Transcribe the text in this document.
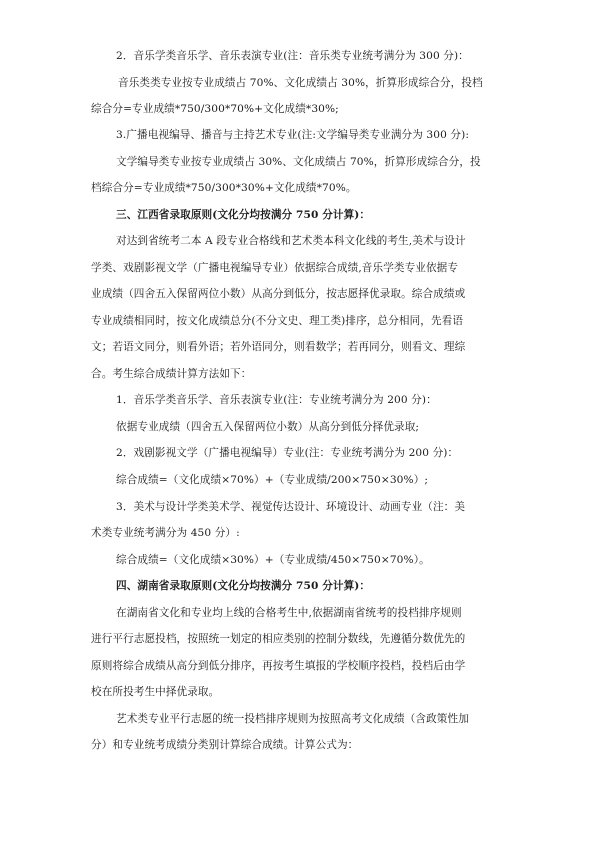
2．音乐学类音乐学、音乐表演专业(注：音乐类专业统考满分为 300 分)：
音乐类类专业按专业成绩占 70%、文化成绩占 30%，折算形成综合分，投档
综合分=专业成绩*750/300*70%+文化成绩*30%;
3.广播电视编导、播音与主持艺术专业(注:文学编导类专业满分为 300 分):
文学编导类专业按专业成绩占 30%、文化成绩占 70%，折算形成综合分，投
档综合分=专业成绩*750/300*30%+文化成绩*70%。
三、江西省录取原则(文化分均按满分 750 分计算)：
对达到省统考二本 A 段专业合格线和艺术类本科文化线的考生,美术与设计
学类、戏剧影视文学（广播电视编导专业）依据综合成绩,音乐学类专业依据专
业成绩（四舍五入保留两位小数）从高分到低分，按志愿择优录取。综合成绩或
专业成绩相同时，按文化成绩总分(不分文史、理工类)排序，总分相同，先看语
文；若语文同分，则看外语；若外语同分，则看数学；若再同分，则看文、理综
合。考生综合成绩计算方法如下：
1．音乐学类音乐学、音乐表演专业(注：专业统考满分为 200 分)：
依据专业成绩（四舍五入保留两位小数）从高分到低分择优录取;
2．戏剧影视文学（广播电视编导）专业(注：专业统考满分为 200 分)：
综合成绩=（文化成绩×70%）+（专业成绩/200×750×30%）;
3．美术与设计学类美术学、视觉传达设计、环境设计、动画专业（注：美
术类专业统考满分为 450 分）:
综合成绩=（文化成绩×30%）+（专业成绩/450×750×70%）。
四、湖南省录取原则(文化分均按满分 750 分计算)：
在湖南省文化和专业均上线的合格考生中,依据湖南省统考的投档排序规则
进行平行志愿投档，按照统一划定的相应类别的控制分数线，先遵循分数优先的
原则将综合成绩从高分到低分排序，再按考生填报的学校顺序投档，投档后由学
校在所投考生中择优录取。
艺术类专业平行志愿的统一投档排序规则为按照高考文化成绩（含政策性加
分）和专业统考成绩分类别计算综合成绩。计算公式为：
